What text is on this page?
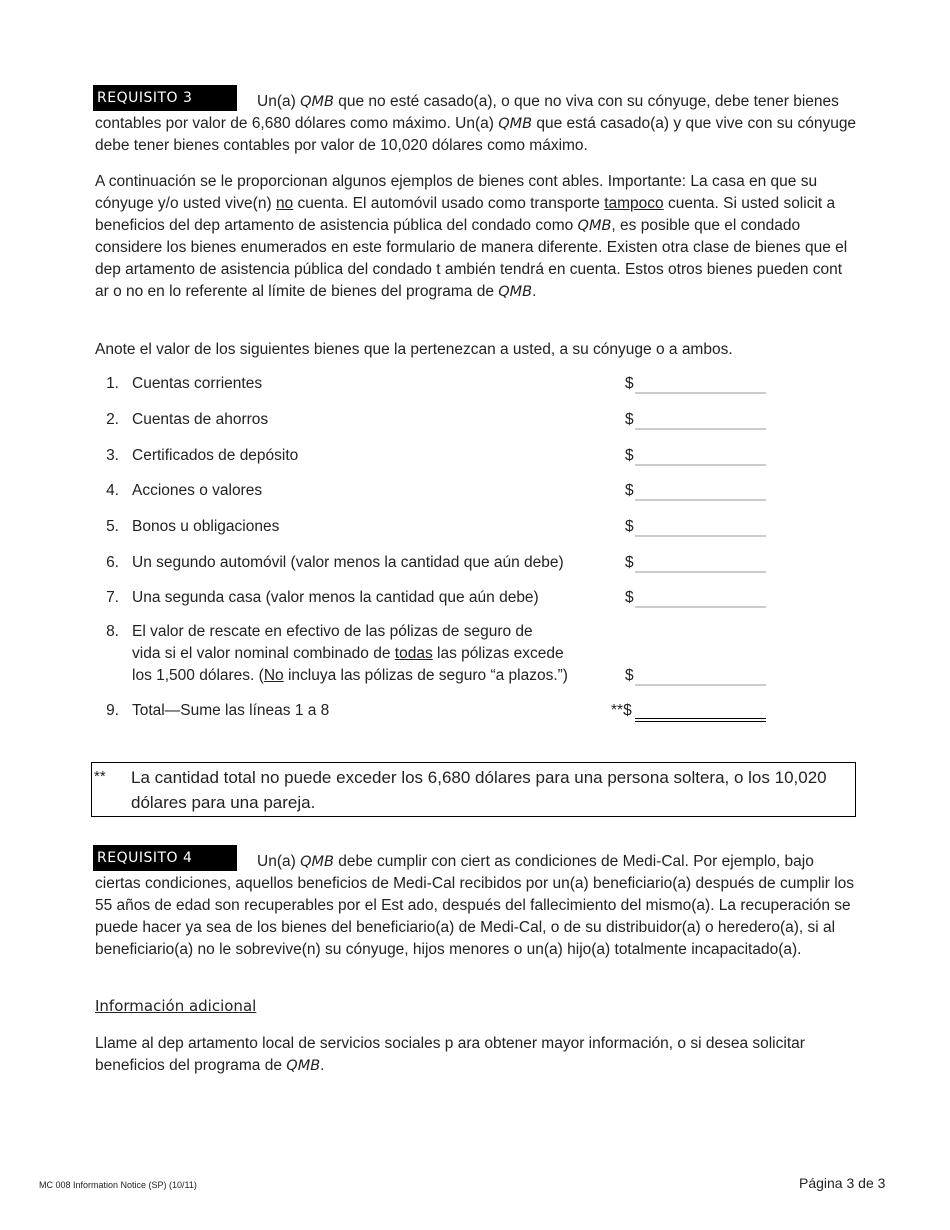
REQUISITO 3	Un(a) QMB que no esté casado(a), o que no viva con su cónyuge, debe tener bienes contables por valor de 6,680 dólares como máximo. Un(a) QMB que está casado(a) y que vive con su cónyuge debe tener bienes contables por valor de 10,020 dólares como máximo.

A continuación se le proporcionan algunos ejemplos de bienes cont ables. Importante: La casa en que su cónyuge y/o usted vive(n) no cuenta. El automóvil usado como transporte tampoco cuenta. Si usted solicit a beneficios del dep artamento de asistencia pública del condado como QMB, es posible que el condado considere los bienes enumerados en este formulario de manera diferente. Existen otra clase de bienes que el dep artamento de asistencia pública del condado t ambién tendrá en cuenta. Estos otros bienes pueden cont ar o no en lo referente al límite de bienes del programa de QMB.

Anote el valor de los siguientes bienes que la pertenezcan a usted, a su cónyuge o a ambos.

1. Cuentas corrientes	$
2. Cuentas de ahorros	$
3. Certificados de depósito	$
4. Acciones o valores	$
5. Bonos u obligaciones	$
6. Un segundo automóvil (valor menos la cantidad que aún debe)	$
7. Una segunda casa (valor menos la cantidad que aún debe)	$
8. El valor de rescate en efectivo de las pólizas de seguro de
vida si el valor nominal combinado de todas las pólizas excede
los 1,500 dólares. (No incluya las pólizas de seguro “a plazos.”)	$
9. Total—Sume las líneas 1 a 8	**$
** La cantidad total no puede exceder los 6,680 dólares para una persona soltera, o los 10,020 dólares para una pareja.
REQUISITO 4	Un(a) QMB debe cumplir con ciert as condiciones de Medi-Cal. Por ejemplo, bajo ciertas condiciones, aquellos beneficios de Medi-Cal recibidos por un(a) beneficiario(a) después de cumplir los 55 años de edad son recuperables por el Est ado, después del fallecimiento del mismo(a). La recuperación se puede hacer ya sea de los bienes del beneficiario(a) de Medi-Cal, o de su distribuidor(a) o heredero(a), si al beneficiario(a) no le sobrevive(n) su cónyuge, hijos menores o un(a) hijo(a) totalmente incapacitado(a).

Información adicional

Llame al dep artamento local de servicios sociales p ara obtener mayor información, o si desea solicitar beneficios del programa de QMB.

MC 008 Information Notice (SP) (10/11)	Página 3 de 3
